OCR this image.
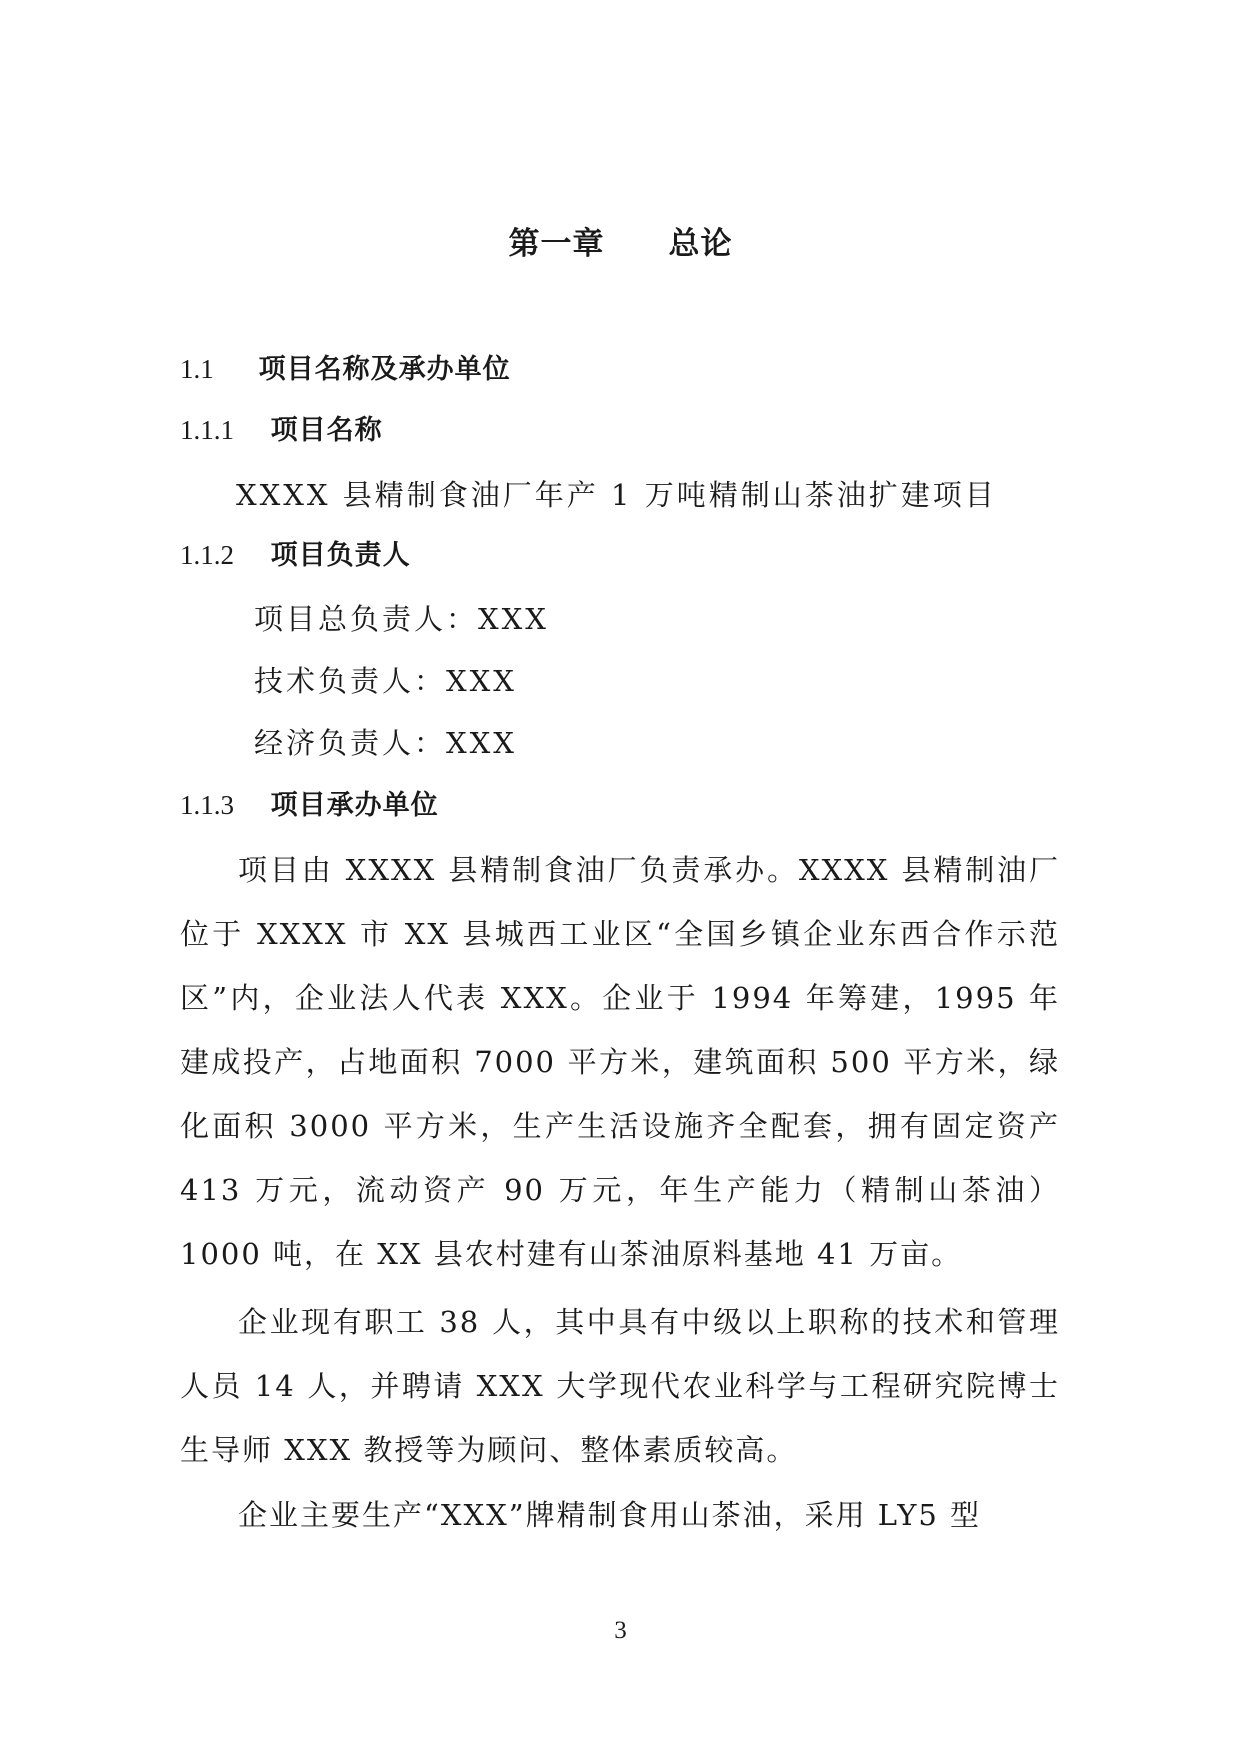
第一章 总论
1.1 项目名称及承办单位
1.1.1 项目名称
XXXX 县精制食油厂年产 1 万吨精制山茶油扩建项目
1.1.2 项目负责人
项目总负责人：XXX
技术负责人：XXX
经济负责人：XXX
1.1.3 项目承办单位
项目由 XXXX 县精制食油厂负责承办。XXXX 县精制油厂位于 XXXX 市 XX 县城西工业区“全国乡镇企业东西合作示范区”内，企业法人代表 XXX。企业于 1994 年筹建，1995 年建成投产，占地面积 7000 平方米，建筑面积 500 平方米，绿化面积 3000 平方米，生产生活设施齐全配套，拥有固定资产 413 万元，流动资产 90 万元，年生产能力（精制山茶油）1000 吨，在 XX 县农村建有山茶油原料基地 41 万亩。
企业现有职工 38 人，其中具有中级以上职称的技术和管理人员 14 人，并聘请 XXX 大学现代农业科学与工程研究院博士生导师 XXX 教授等为顾问、整体素质较高。
企业主要生产“XXX”牌精制食用山茶油，采用 LY5 型
3
